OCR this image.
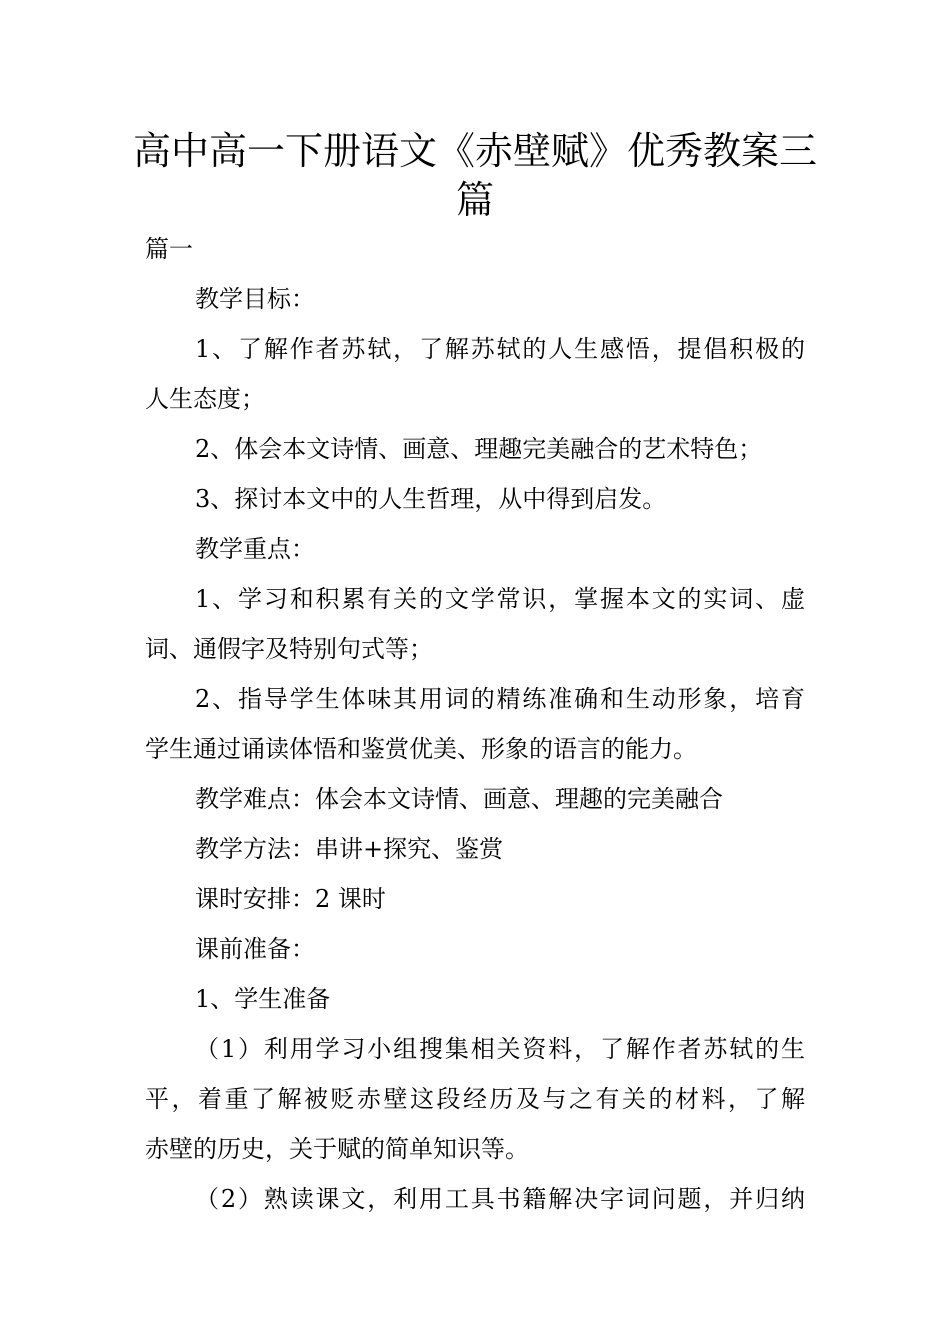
高中高一下册语文《赤壁赋》优秀教案三
篇

篇一

教学目标：

1、了解作者苏轼，了解苏轼的人生感悟，提倡积极的

人生态度；

2、体会本文诗情、画意、理趣完美融合的艺术特色；

3、探讨本文中的人生哲理，从中得到启发。

教学重点：

1、学习和积累有关的文学常识，掌握本文的实词、虚

词、通假字及特别句式等；

2、指导学生体味其用词的精练准确和生动形象，培育

学生通过诵读体悟和鉴赏优美、形象的语言的能力。

教学难点：体会本文诗情、画意、理趣的完美融合

教学方法：串讲+探究、鉴赏

课时安排：2 课时

课前准备：

1、学生准备

（1）利用学习小组搜集相关资料，了解作者苏轼的生

平，着重了解被贬赤壁这段经历及与之有关的材料，了解

赤壁的历史，关于赋的简单知识等。

（2）熟读课文，利用工具书籍解决字词问题，并归纳
